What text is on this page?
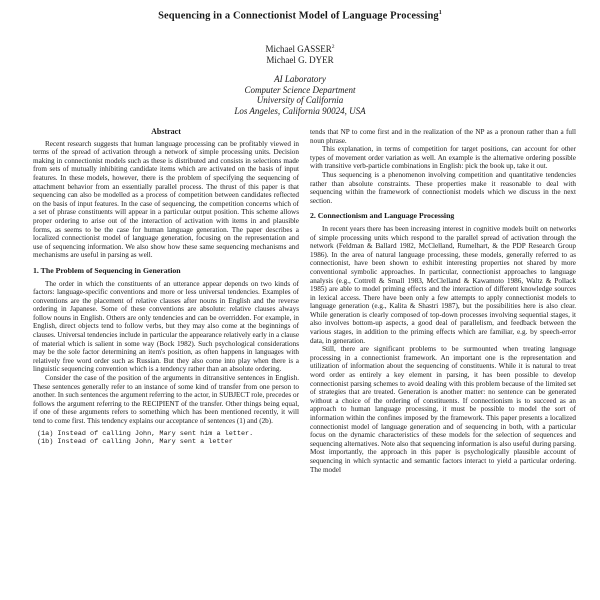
Sequencing in a Connectionist Model of Language Processing$^1$
Michael GASSER$^2$
Michael G. DYER
AI Laboratory
Computer Science Department
University of California
Los Angeles, California 90024, USA
Abstract

Recent research suggests that human language processing can be profitably viewed in terms of the spread of activation through a network of simple processing units. Decision making in connectionist models such as these is distributed and consists in selections made from sets of mutually inhibiting candidate items which are activated on the basis of input features. In these models, however, there is the problem of specifying the sequencing of attachment behavior from an essentially parallel process. The thrust of this paper is that sequencing can also be modelled as a process of competition between candidates reflected on the basis of input features. In the case of sequencing, the competition concerns which of a set of phrase constituents will appear in a particular output position. This scheme allows proper ordering to arise out of the interaction of activation with items in and plausible forms, as seems to be the case for human language generation. The paper describes a localized connectionist model of language generation, focusing on the representation and use of sequencing information. We also show how these same sequencing mechanisms and mechanisms are useful in parsing as well.

1. The Problem of Sequencing in Generation

The order in which the constituents of an utterance appear depends on two kinds of factors: language-specific conventions and more or less universal tendencies. Examples of conventions are the placement of relative clauses after nouns in English and the reverse ordering in Japanese. Some of these conventions are absolute: relative clauses always follow nouns in English. Others are only tendencies and can be overridden. For example, in English, direct objects tend to follow verbs, but they may also come at the beginnings of clauses. Universal tendencies include in particular the appearance relatively early in a clause of material which is salient in some way (Bock 1982). Such psychological considerations may be the sole factor determining an item's position, as often happens in languages with relatively free word order such as Russian. But they also come into play when there is a linguistic sequencing convention which is a tendency rather than an absolute ordering.

Consider the case of the position of the arguments in ditransitive sentences in English. These sentences generally refer to an instance of some kind of transfer from one person to another. In such sentences the argument referring to the actor, in SUBJECT role, precedes or follows the argument referring to the RECIPIENT of the transfer. Other things being equal, if one of these arguments refers to something which has been mentioned recently, it will tend to come first. This tendency explains our acceptance of sentences (1) and (2b).

(1a) Instead of calling John, Mary sent him a letter.
(1b) Instead of calling John, Mary sent a letter

tends that NP to come first and in the realization of the NP as a pronoun rather than a full noun phrase.

This explanation, in terms of competition for target positions, can account for other types of movement order variation as well. An example is the alternative ordering possible with transitive verb-particle combinations in English: pick the book up, take it out.

Thus sequencing is a phenomenon involving competition and quantitative tendencies rather than absolute constraints. These properties make it reasonable to deal with sequencing within the framework of connectionist models which we discuss in the next section.

2. Connectionism and Language Processing

In recent years there has been increasing interest in cognitive models built on networks of simple processing units which respond to the parallel spread of activation through the network (Feldman & Ballard 1982, McClelland, Rumelhart, & the PDP Research Group 1986). In the area of natural language processing, these models, generally referred to as connectionist, have been shown to exhibit interesting properties not shared by more conventional symbolic approaches. In particular, connectionist approaches to language analysis (e.g., Cottrell & Small 1983, McClelland & Kawamoto 1986, Waltz & Pollack 1985) are able to model priming effects and the interaction of different knowledge sources in lexical access. There have been only a few attempts to apply connectionist models to language generation (e.g., Kalita & Shastri 1987), but the possibilities here is also clear. While generation is clearly composed of top-down processes involving sequential stages, it also involves bottom-up aspects, a good deal of parallelism, and feedback between the various stages, in addition to the priming effects which are familiar, e.g. by speech-error data, in generation.

Still, there are significant problems to be surmounted when treating language processing in a connectionist framework. An important one is the representation and utilization of information about the sequencing of constituents. While it is natural to treat word order as entirely a key element in parsing, it has been possible to develop connectionist parsing schemes to avoid dealing with this problem because of the limited set of strategies that are treated. Generation is another matter: no sentence can be generated without a choice of the ordering of constituents. If connectionism is to succeed as an approach to human language processing, it must be possible to model the sort of information within the confines imposed by the framework. This paper presents a localized connectionist model of language generation and of sequencing in both, with a particular focus on the dynamic characteristics of these models for the selection of sequences and sequencing alternatives. Note also that sequencing information is also useful during parsing. Most importantly, the approach in this paper is psychologically plausible account of sequencing in which syntactic and semantic factors interact to yield a particular ordering. The model
